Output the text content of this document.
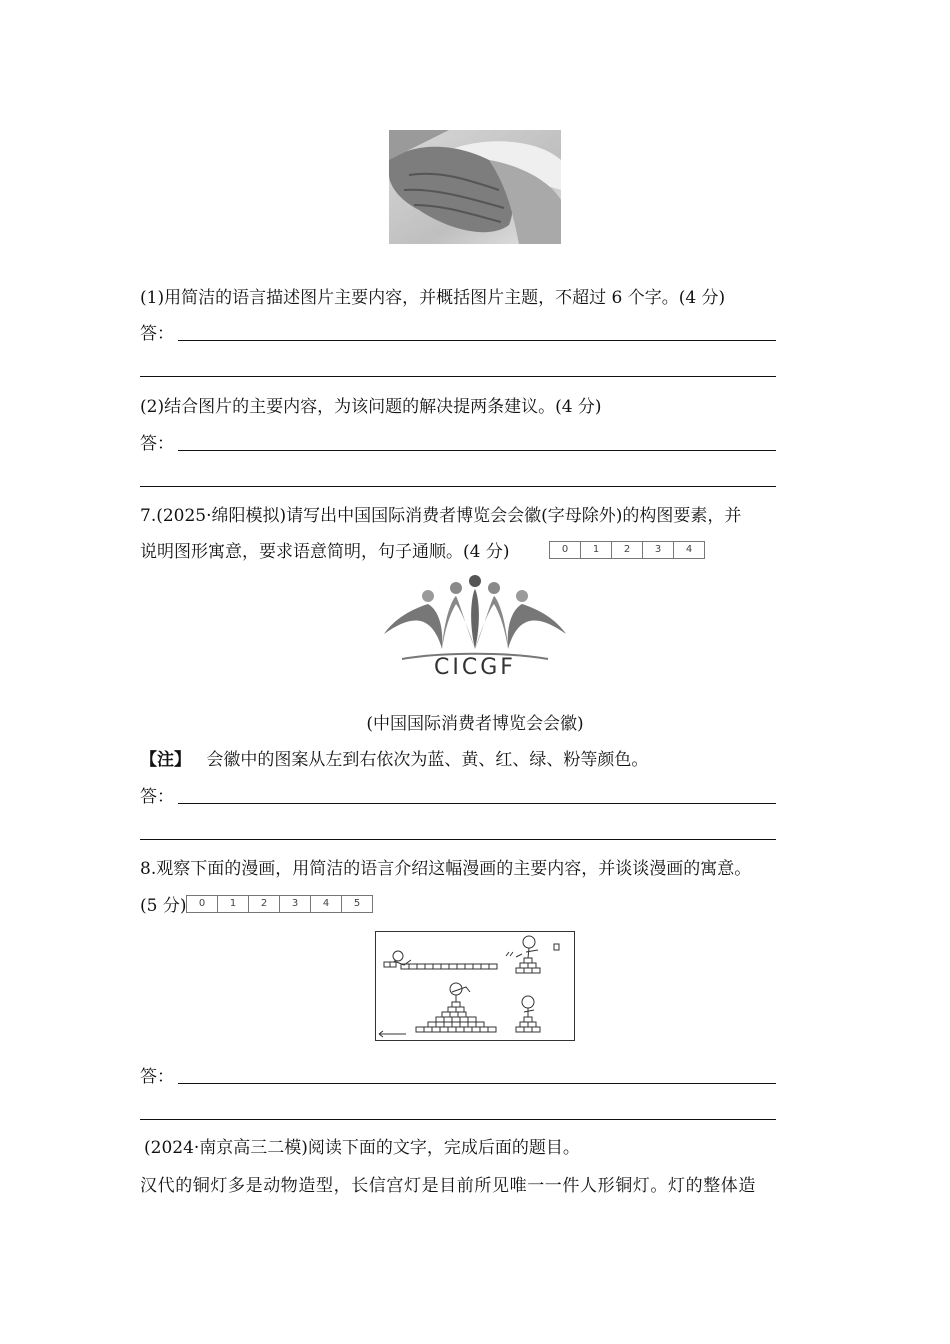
(1)用简洁的语言描述图片主要内容，并概括图片主题，不超过 6 个字。(4 分)
答：
(2)结合图片的主要内容，为该问题的解决提两条建议。(4 分)
答：
7.(2025·绵阳模拟)请写出中国国际消费者博览会会徽(字母除外)的构图要素，并
说明图形寓意，要求语意简明，句子通顺。(4 分)	0	1	2	3	4
CICGF
(中国国际消费者博览会会徽)
【注】 会徽中的图案从左到右依次为蓝、黄、红、绿、粉等颜色。
答：
8.观察下面的漫画，用简洁的语言介绍这幅漫画的主要内容，并谈谈漫画的寓意。
(5 分)	0	1	2	3	4	5
答：
(2024·南京高三二模)阅读下面的文字，完成后面的题目。
汉代的铜灯多是动物造型，长信宫灯是目前所见唯一一件人形铜灯。灯的整体造
